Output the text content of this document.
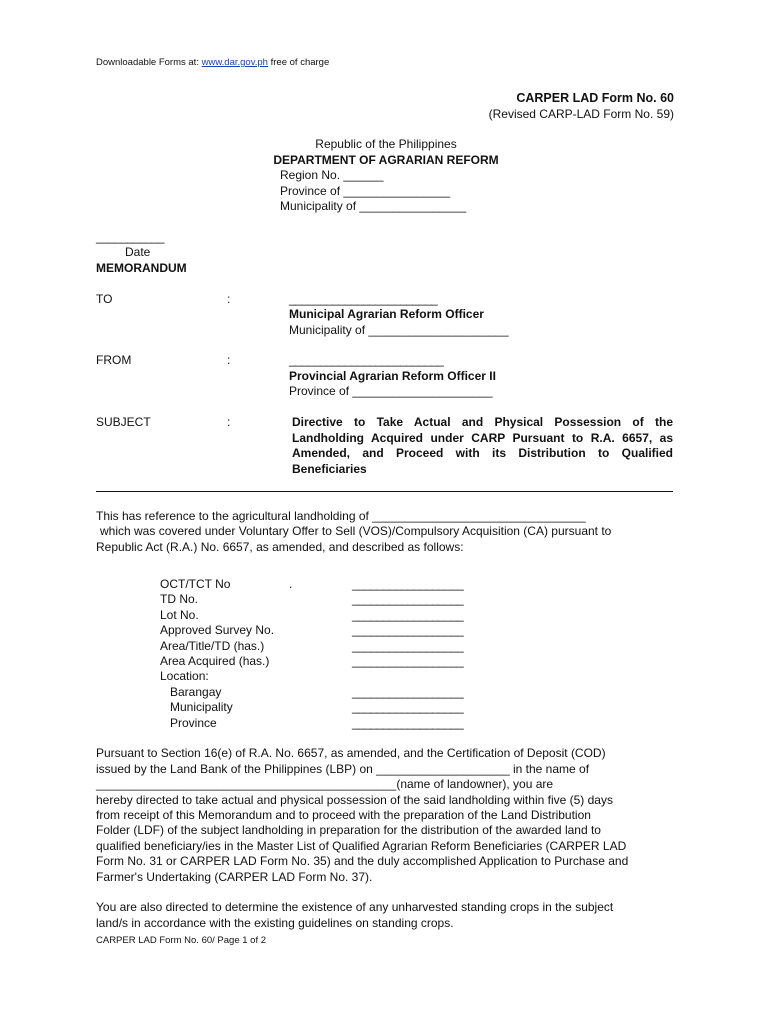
Downloadable Forms at: www.dar.gov.ph free of charge
CARPER LAD Form No. 60
(Revised CARP-LAD Form No. 59)
Republic of the Philippines
DEPARTMENT OF AGRARIAN REFORM
Region No. ______
Province of ________________
Municipality of ________________
___________
Date
MEMORANDUM
TO	:	________________________
Municipal Agrarian Reform Officer
Municipality of _____________________
FROM	:	_________________________
Provincial Agrarian Reform Officer II
Province of _____________________
SUBJECT	:	Directive to Take Actual and Physical Possession of the Landholding Acquired under CARP Pursuant to R.A. 6657, as Amended, and Proceed with its Distribution to Qualified Beneficiaries
This has reference to the agricultural landholding of ________________________________
which was covered under Voluntary Offer to Sell (VOS)/Compulsory Acquisition (CA) pursuant to
Republic Act (R.A.) No. 6657, as amended, and described as follows:
.
OCT/TCT No	__________________
TD No.	__________________
Lot No.	__________________
Approved Survey No.	__________________
Area/Title/TD (has.)	__________________
Area Acquired (has.)	__________________
Location:
Barangay	__________________
Municipality	__________________
Province	__________________
Pursuant to Section 16(e) of R.A. No. 6657, as amended, and the Certification of Deposit (COD)
issued by the Land Bank of the Philippines (LBP) on ____________________ in the name of
_____________________________________________(name of landowner), you are
hereby directed to take actual and physical possession of the said landholding within five (5) days
from receipt of this Memorandum and to proceed with the preparation of the Land Distribution
Folder (LDF) of the subject landholding in preparation for the distribution of the awarded land to
qualified beneficiary/ies in the Master List of Qualified Agrarian Reform Beneficiaries (CARPER LAD
Form No. 31 or CARPER LAD Form No. 35) and the duly accomplished Application to Purchase and
Farmer's Undertaking (CARPER LAD Form No. 37).
You are also directed to determine the existence of any unharvested standing crops in the subject
land/s in accordance with the existing guidelines on standing crops.
CARPER LAD Form No. 60/ Page 1 of 2
